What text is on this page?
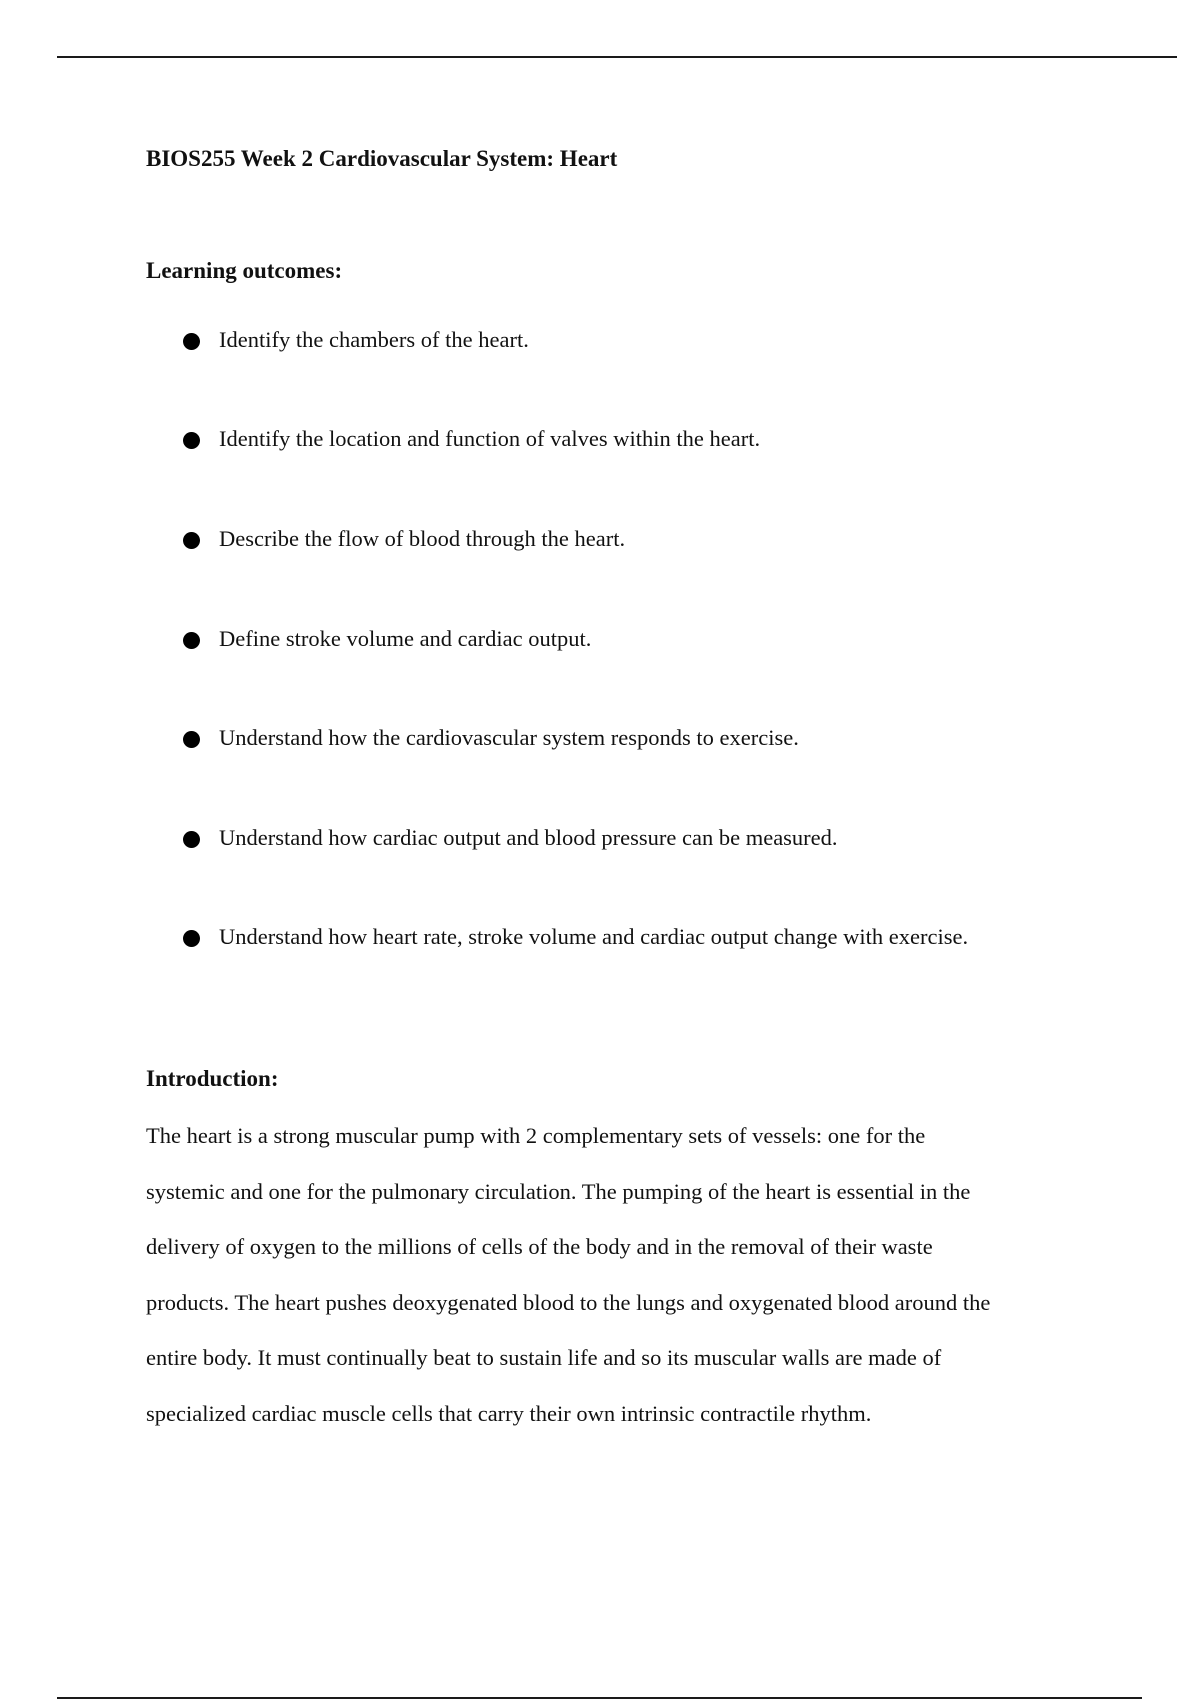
BIOS255 Week 2 Cardiovascular System: Heart
Learning outcomes:
Identify the chambers of the heart.
Identify the location and function of valves within the heart.
Describe the flow of blood through the heart.
Define stroke volume and cardiac output.
Understand how the cardiovascular system responds to exercise.
Understand how cardiac output and blood pressure can be measured.
Understand how heart rate, stroke volume and cardiac output change with exercise.
Introduction:

The heart is a strong muscular pump with 2 complementary sets of vessels: one for the

systemic and one for the pulmonary circulation. The pumping of the heart is essential in the

delivery of oxygen to the millions of cells of the body and in the removal of their waste

products. The heart pushes deoxygenated blood to the lungs and oxygenated blood around the

entire body. It must continually beat to sustain life and so its muscular walls are made of

specialized cardiac muscle cells that carry their own intrinsic contractile rhythm.
